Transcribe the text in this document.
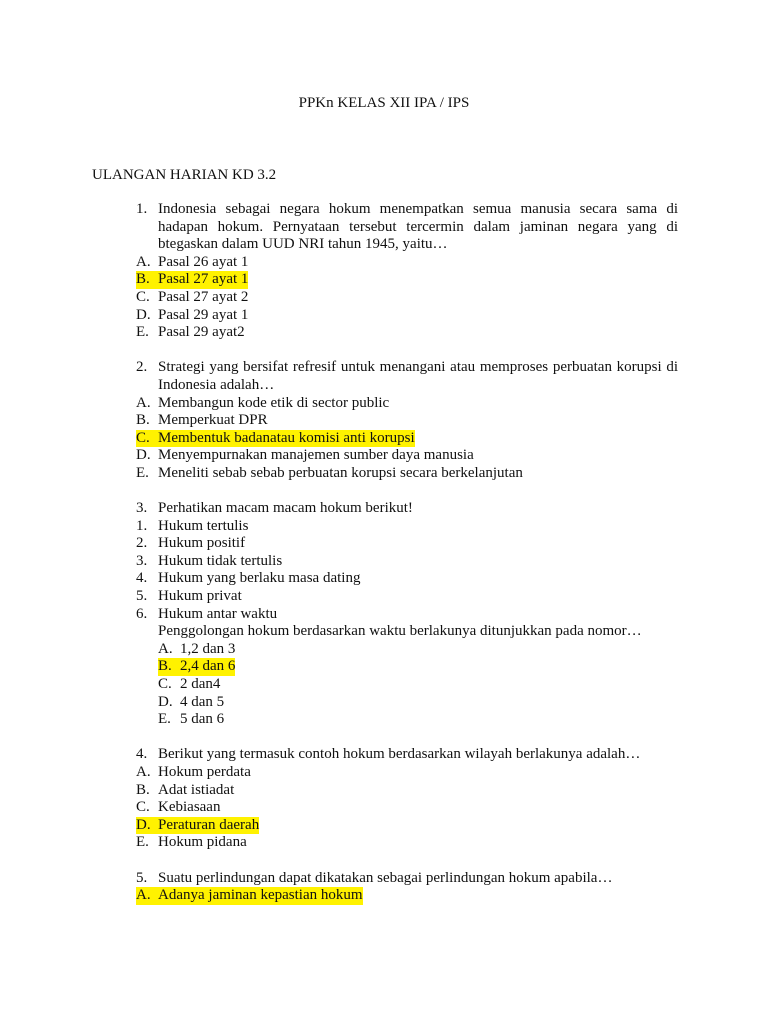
PPKn KELAS XII IPA / IPS
ULANGAN HARIAN KD 3.2
1. Indonesia sebagai negara hokum menempatkan semua manusia secara sama di hadapan hokum. Pernyataan tersebut tercermin dalam jaminan negara yang di btegaskan dalam UUD NRI tahun 1945, yaitu…
A. Pasal 26 ayat 1
B. Pasal 27 ayat 1
C. Pasal 27 ayat 2
D. Pasal 29 ayat 1
E. Pasal 29 ayat2
2. Strategi yang bersifat refresif untuk menangani atau memproses perbuatan korupsi di Indonesia adalah…
A. Membangun kode etik di sector public
B. Memperkuat DPR
C. Membentuk badanatau komisi anti korupsi
D. Menyempurnakan manajemen sumber daya manusia
E. Meneliti sebab sebab perbuatan korupsi secara berkelanjutan
3. Perhatikan macam macam hokum berikut!
1. Hukum tertulis
2. Hukum positif
3. Hukum tidak tertulis
4. Hukum yang berlaku masa dating
5. Hukum privat
6. Hukum antar waktu
Penggolongan hokum berdasarkan waktu berlakunya ditunjukkan pada nomor…
A. 1,2 dan 3
B. 2,4 dan 6
C. 2 dan4
D. 4 dan 5
E. 5 dan 6
4. Berikut yang termasuk contoh hokum berdasarkan wilayah berlakunya adalah…
A. Hokum perdata
B. Adat istiadat
C. Kebiasaan
D. Peraturan daerah
E. Hokum pidana
5. Suatu perlindungan dapat dikatakan sebagai perlindungan hokum apabila…
A. Adanya jaminan kepastian hokum
